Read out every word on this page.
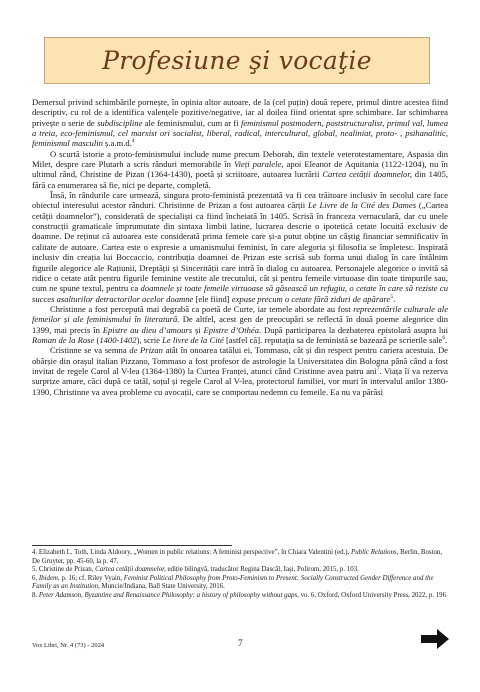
Profesiune şi vocaţie

Demersul privind schimbările pornește, în opinia altor autoare, de la (cel puțin) două repere, primul dintre acestea fiind descriptiv, cu rol de a identifica valențele pozitive/negative, iar al doilea fiind orientat spre schimbare. Iar schimbarea privește o serie de subdiscipline ale feminismului, cum ar fi feminismul postmodern, poststructuralist, primul val, lumea a treia, eco-feminismul, cel marxist ori socialist, liberal, radical, intercultural, global, nealiniat, proto- , psihanalitic, feminismul masculin ș.a.m.d.$^4$

O scurtă istorie a proto-feminismului include nume precum Deborah, din textele veterotestamentare, Aspasia din Milet, despre care Plutarh a scris rânduri memorabile în Vieți paralele, apoi Eleanor de Aquitania (1122-1204), nu în ultimul rând, Christine de Pizan (1364-1430), poetă și scriitoare, autoarea lucrării Cartea cetății doamnelor, din 1405, fără ca enumerarea să fie, nici pe departe, completă.

Însă, în rândurile care urmează, singura proto-feministă prezentată va fi cea trăitoare inclusiv în secolul care face obiectul interesului acestor rânduri. Christinne de Prizan a fost autoarea cărții Le Livre de la Cité des Dames („Cartea cetății doamnelor”), considerată de specialiști ca fiind încheiată în 1405. Scrisă în franceza vernaculară, dar cu unele construcții gramaticale împrumutate din sintaxa limbii latine, lucrarea descrie o ipotetică cetate locuită exclusiv de doamne. De reținut că autoarea este considerată prima femeie care și-a putut obține un câștig financiar semnificativ în calitate de autoare. Cartea este o expresie a umanismului feminist, în care alegoria și filosofia se împletesc. Inspirată inclusiv din creația lui Boccaccio, contribuția doamnei de Prizan este scrisă sub forma unui dialog în care întâlnim figurile alegorice ale Rațiunii, Dreptății și Sincerității care intră în dialog cu autoarea. Personajele alegorice o invită să ridice o cetate atât pentru figurile feminine vestite ale trecutului, cât și pentru femeile virtuoase din toate timpurile sau, cum ne spune textul, pentru ca doamnele și toate femeile virtuoase să găsească un refugiu, o cetate în care să reziste cu succes asalturilor detractorilor acelor doamne [ele fiind] expuse precum o cetate fără ziduri de apărare$^5$.

Christinne a fost percepută mai degrabă ca poetă de Curte, iar temele abordate au fost reprezentările culturale ale femeilor și ale feminismului în literatură. De altfel, acest gen de preocupări se reflectă în două poeme alegorice din 1399, mai precis în Epistre au dieu d’amours și Epistre d’Othéa. După participarea la dezbaterea epistolară asupra lui Roman de la Rose (1400-1402), scrie Le livre de la Cité [astfel că]. reputația sa de feministă se bazează pe scrierile sale$^6$.

Cristinne se va semna de Prizan atât în onoarea tatălui ei, Tommaso, cât și din respect pentru cariera acestuia. De obârșie din orașul italian Pizzano, Tommaso a fost profesor de astrologie la Universitatea din Bologna până când a fost invitat de regele Carol al V-lea (1364-1380) la Curtea Franței, atunci când Cristinne avea patru ani$^7$. Viața îi va rezerva surprize amare, căci după ce tatăl, soțul și regele Carol al V-lea, protectorul familiei, vor muri în intervalul anilor 1380-1390, Christinne va avea probleme cu avocații, care se comportau nedemn cu femeile. Ea nu va părăsi

4. Elizabeth L. Toth, Linda Aldoory, „Women in public relations: A feminist perspective”, în Chiara Valentini (ed.), Public Relations, Berlin, Boston, De Gruyter, pp. 45-60, la p. 47.

5. Christine de Prizan, Cartea cetății doamnelor, ediție bilingvă, traducător Regina Dascăl, Iași, Polirom, 2015, p. 103.

6. Ibidem, p. 16; cf. Riley Vyain, Feminist Political Philosophy from Proto-Feminism to Present: Socially Constructed Gender Difference and the Family as an Institution, Muncie/Indiana, Ball State University, 2016.

8. Peter Adamson, Byzantine and Renaissance Philosophy: a history of philosophy without gaps, vo. 6, Oxford, Oxford University Press, 2022, p. 196

Vox Libri, Nr. 4 (73) - 2024	7
